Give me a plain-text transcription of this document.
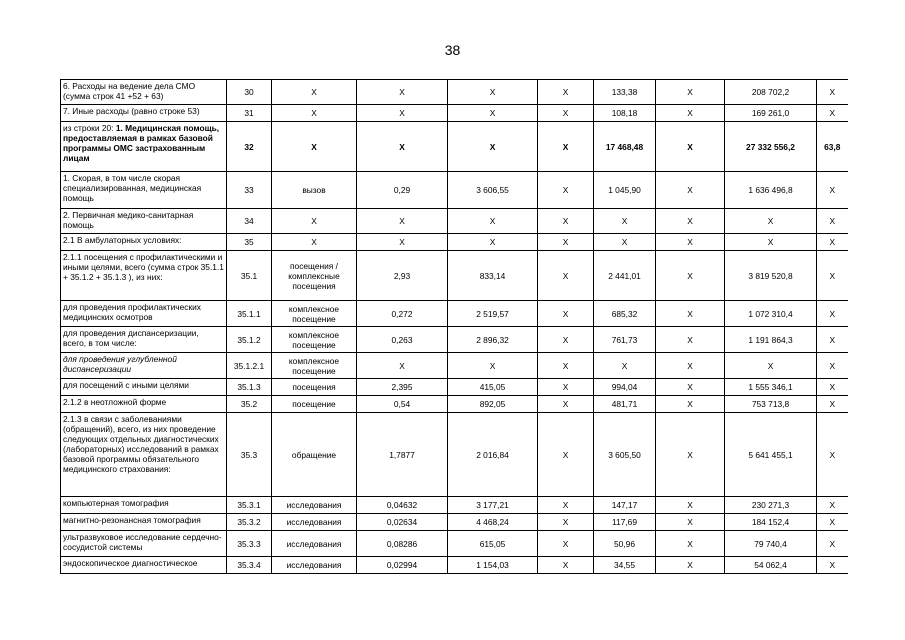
38
6. Расходы на ведение дела СМО (сумма строк 41 +52 + 63)	30	Х	Х	Х	Х	133,38	Х	208 702,2	Х
7. Иные расходы (равно строке 53)	31	Х	Х	Х	Х	108,18	Х	169 261,0	Х
из строки 20: 1. Медицинская помощь, предоставляемая в рамках базовой программы ОМС застрахованным лицам	32	Х	Х	Х	Х	17 468,48	Х	27 332 556,2	63,8
1. Скорая, в том числе скорая специализированная, медицинская помощь	33	вызов	0,29	3 606,55	Х	1 045,90	Х	1 636 496,8	Х
2. Первичная медико-санитарная помощь	34	Х	Х	Х	Х	Х	Х	Х	Х
2.1 В амбулаторных условиях:	35	Х	Х	Х	Х	Х	Х	Х	Х
2.1.1 посещения с профилактическими и иными целями, всего (сумма строк 35.1.1 + 35.1.2 + 35.1.3 ), из них:	35.1	посещения / комплексные посещения	2,93	833,14	Х	2 441,01	Х	3 819 520,8	Х
для проведения профилактических медицинских осмотров	35.1.1	комплексное посещение	0,272	2 519,57	Х	685,32	Х	1 072 310,4	Х
для проведения диспансеризации, всего, в том числе:	35.1.2	комплексное посещение	0,263	2 896,32	Х	761,73	Х	1 191 864,3	Х
для проведения углубленной диспансеризации	35.1.2.1	комплексное посещение	Х	Х	Х	Х	Х	Х	Х
для посещений с иными целями	35.1.3	посещения	2,395	415,05	Х	994,04	Х	1 555 346,1	Х
2.1.2 в неотложной форме	35.2	посещение	0,54	892,05	Х	481,71	Х	753 713,8	Х
2.1.3 в связи с заболеваниями (обращений), всего, из них проведение следующих отдельных диагностических (лабораторных) исследований в рамках базовой программы обязательного медицинского страхования:	35.3	обращение	1,7877	2 016,84	Х	3 605,50	Х	5 641 455,1	Х
компьютерная томография	35.3.1	исследования	0,04632	3 177,21	Х	147,17	Х	230 271,3	Х
магнитно-резонансная томография	35.3.2	исследования	0,02634	4 468,24	Х	117,69	Х	184 152,4	Х
ультразвуковое исследование сердечно-сосудистой системы	35.3.3	исследования	0,08286	615,05	Х	50,96	Х	79 740,4	Х
эндоскопическое диагностическое	35.3.4	исследования	0,02994	1 154,03	Х	34,55	Х	54 062,4	Х
